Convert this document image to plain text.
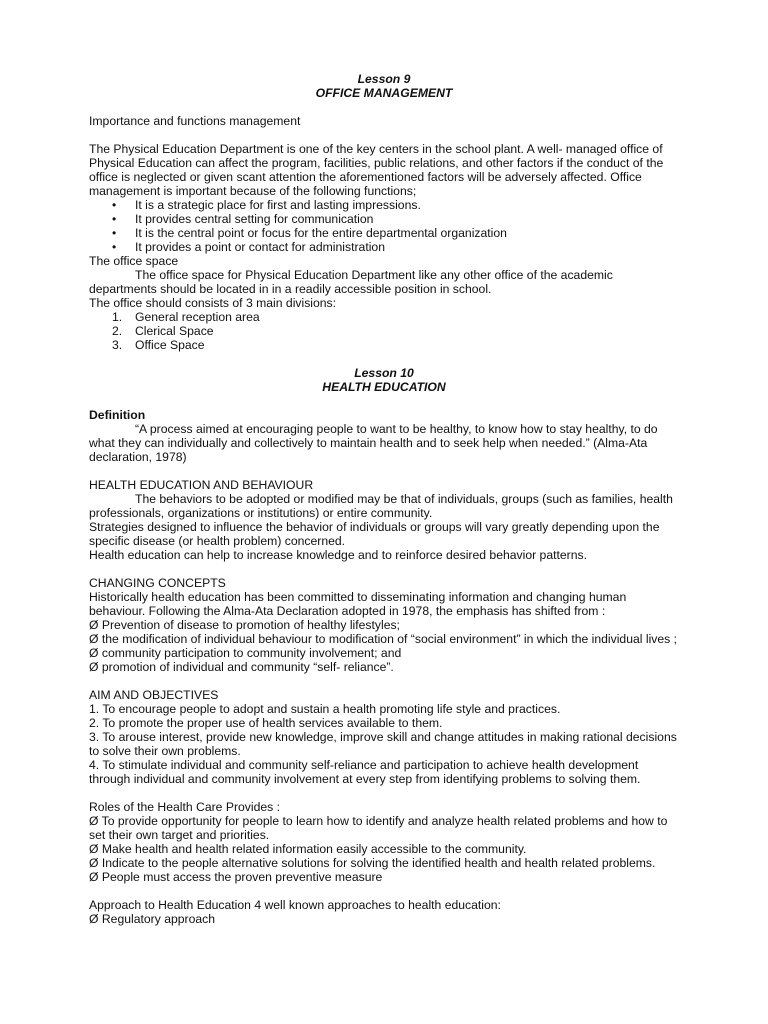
Lesson 9

OFFICE MANAGEMENT

Importance and functions management

The Physical Education Department is one of the key centers in the school plant. A well- managed office of Physical Education can affect the program, facilities, public relations, and other factors if the conduct of the office is neglected or given scant attention the aforementioned factors will be adversely affected. Office management is important because of the following functions;

• It is a strategic place for first and lasting impressions.
• It provides central setting for communication
• It is the central point or focus for the entire departmental organization
• It provides a point or contact for administration

The office space

The office space for Physical Education Department like any other office of the academic departments should be located in in a readily accessible position in school.

The office should consists of 3 main divisions:

1. General reception area
2. Clerical Space
3. Office Space

Lesson 10

HEALTH EDUCATION

Definition

“A process aimed at encouraging people to want to be healthy, to know how to stay healthy, to do what they can individually and collectively to maintain health and to seek help when needed.” (Alma-Ata declaration, 1978)

HEALTH EDUCATION AND BEHAVIOUR

The behaviors to be adopted or modified may be that of individuals, groups (such as families, health professionals, organizations or institutions) or entire community.

Strategies designed to influence the behavior of individuals or groups will vary greatly depending upon the specific disease (or health problem) concerned.

Health education can help to increase knowledge and to reinforce desired behavior patterns.

CHANGING CONCEPTS

Historically health education has been committed to disseminating information and changing human behaviour. Following the Alma-Ata Declaration adopted in 1978, the emphasis has shifted from :

Ø Prevention of disease to promotion of healthy lifestyles;

Ø the modification of individual behaviour to modification of “social environment” in which the individual lives ;

Ø community participation to community involvement; and

Ø promotion of individual and community “self- reliance”.

AIM AND OBJECTIVES

1. To encourage people to adopt and sustain a health promoting life style and practices.

2. To promote the proper use of health services available to them.

3. To arouse interest, provide new knowledge, improve skill and change attitudes in making rational decisions to solve their own problems.

4. To stimulate individual and community self-reliance and participation to achieve health development through individual and community involvement at every step from identifying problems to solving them.

Roles of the Health Care Provides :

Ø To provide opportunity for people to learn how to identify and analyze health related problems and how to set their own target and priorities.

Ø Make health and health related information easily accessible to the community.

Ø Indicate to the people alternative solutions for solving the identified health and health related problems.

Ø People must access the proven preventive measure

Approach to Health Education 4 well known approaches to health education:

Ø Regulatory approach
